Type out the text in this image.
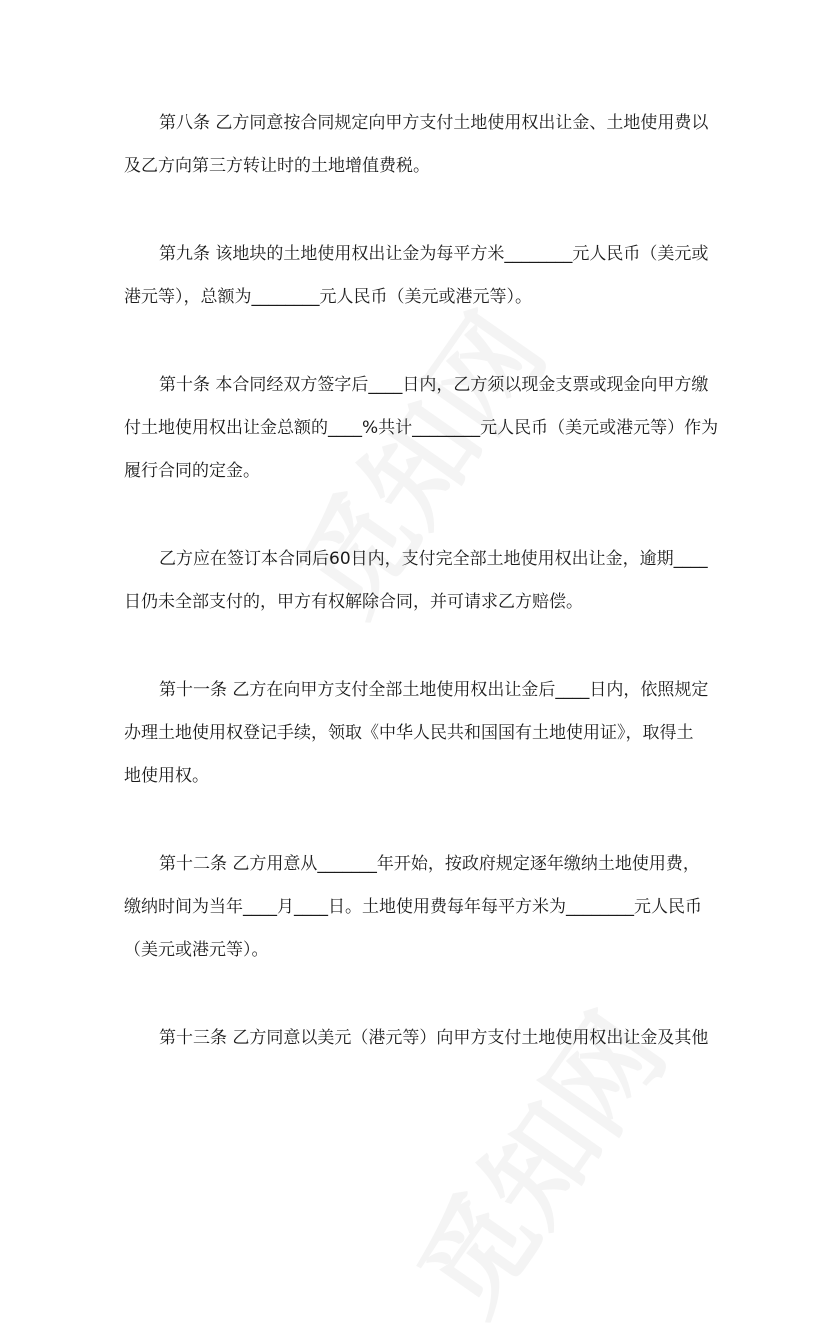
第八条 乙方同意按合同规定向甲方支付土地使用权出让金、土地使用费以
及乙方向第三方转让时的土地增值费税。
第九条 该地块的土地使用权出让金为每平方米________元人民币（美元或
港元等），总额为________元人民币（美元或港元等）。
第十条 本合同经双方签字后____日内，乙方须以现金支票或现金向甲方缴
付土地使用权出让金总额的____%共计________元人民币（美元或港元等）作为
履行合同的定金。
乙方应在签订本合同后60日内，支付完全部土地使用权出让金，逾期____
日仍未全部支付的，甲方有权解除合同，并可请求乙方赔偿。
第十一条 乙方在向甲方支付全部土地使用权出让金后____日内，依照规定
办理土地使用权登记手续，领取《中华人民共和国国有土地使用证》，取得土
地使用权。
第十二条 乙方用意从_______年开始，按政府规定逐年缴纳土地使用费，
缴纳时间为当年____月____日。土地使用费每年每平方米为________元人民币
（美元或港元等）。
第十三条 乙方同意以美元（港元等）向甲方支付土地使用权出让金及其他
